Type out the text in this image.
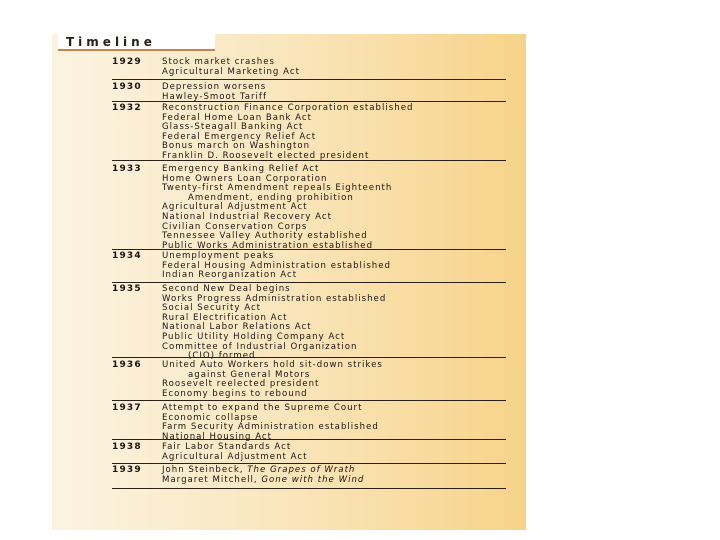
Timeline
1929	Stock market crashes
Agricultural Marketing Act
1930	Depression worsens
Hawley-Smoot Tariff
1932	Reconstruction Finance Corporation established
Federal Home Loan Bank Act
Glass-Steagall Banking Act
Federal Emergency Relief Act
Bonus march on Washington
Franklin D. Roosevelt elected president
1933	Emergency Banking Relief Act
Home Owners Loan Corporation
Twenty-first Amendment repeals Eighteenth
Amendment, ending prohibition
Agricultural Adjustment Act
National Industrial Recovery Act
Civilian Conservation Corps
Tennessee Valley Authority established
Public Works Administration established
1934	Unemployment peaks
Federal Housing Administration established
Indian Reorganization Act
1935	Second New Deal begins
Works Progress Administration established
Social Security Act
Rural Electrification Act
National Labor Relations Act
Public Utility Holding Company Act
Committee of Industrial Organization
(CIO) formed
1936	United Auto Workers hold sit-down strikes
against General Motors
Roosevelt reelected president
Economy begins to rebound
1937	Attempt to expand the Supreme Court
Economic collapse
Farm Security Administration established
National Housing Act
1938	Fair Labor Standards Act
Agricultural Adjustment Act
1939	John Steinbeck, The Grapes of Wrath
Margaret Mitchell, Gone with the Wind
